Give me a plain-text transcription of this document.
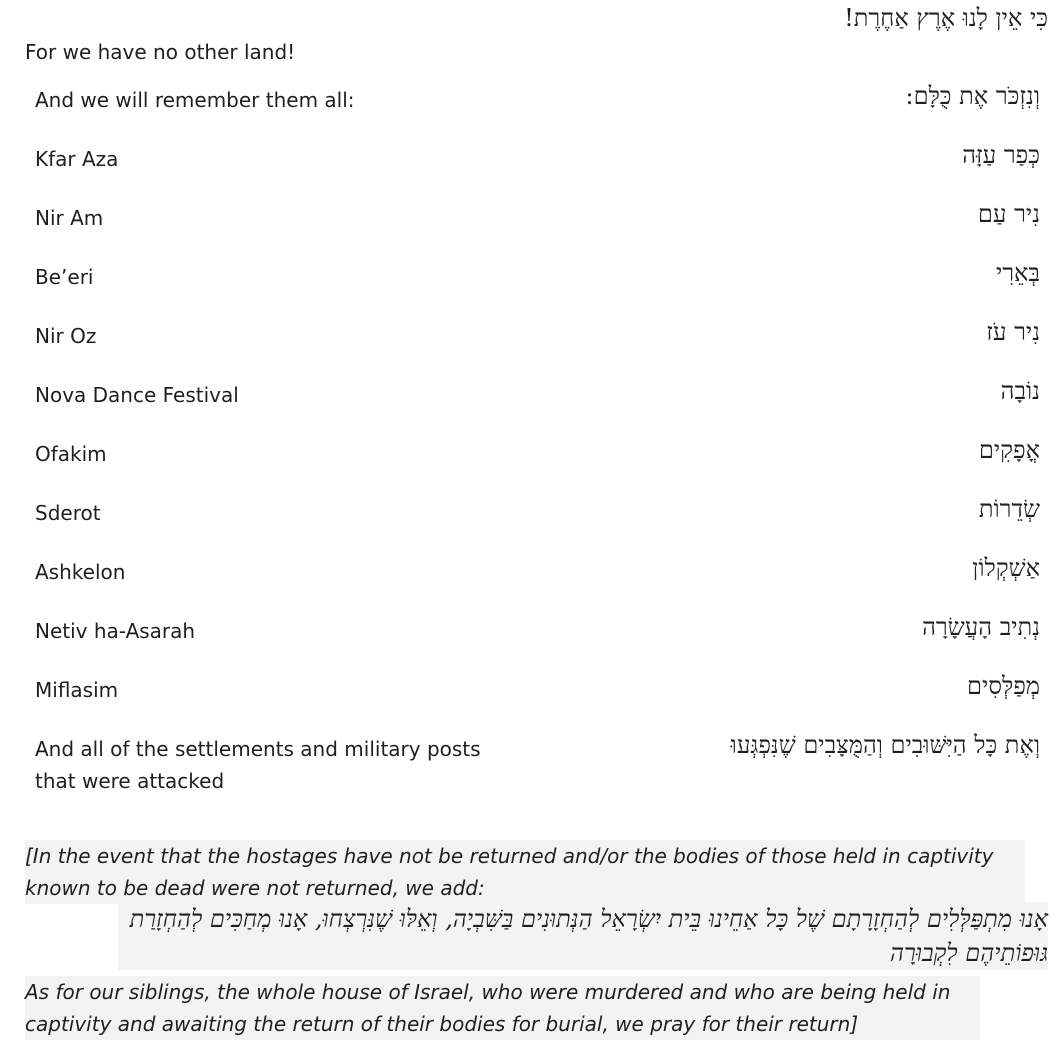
כִּי אֵין לָנוּ אֶרֶץ אַחֶרֶת!
For we have no other land!
And we will remember them all:	וְנִזְכֹּר אֶת כֻּלָּם:
Kfar Aza	כְּפַר עַזָּה
Nir Am	נִיר עַם
Be’eri	בְּאֵרִי
Nir Oz	נִיר עֹז
Nova Dance Festival	נוֹבָה
Ofakim	אֳפָקִים
Sderot	שְׂדֵרוֹת
Ashkelon	אַשְׁקְלוֹן
Netiv ha-Asarah	נְתִיב הָעֲשָׂרָה
Miflasim	מְפַלְּסִים
And all of the settlements and military posts that were attacked	וְאֶת כָּל הַיִּשּׁוּבִים וְהַמֻּצָּבִים שֶׁנִּפְגְּעוּ
[In the event that the hostages have not be returned and/or the bodies of those held in captivity known to be dead were not returned, we add:
אָנוּ מִתְפַּלְּלִים לְהַחְזָרָתָם שֶׁל כָּל אַחֵינוּ בֵּית יִשְׂרָאֵל הַנְּתוּנִים בַּשִּׁבְיָה, וְאֵלּוּ שֶׁנִּרְצְחוּ, אָנוּ מְחַכִּים לְהַחְזָרַת גּוּפוֹתֵיהֶם לִקְבוּרָה
As for our siblings, the whole house of Israel, who were murdered and who are being held in captivity and awaiting the return of their bodies for burial, we pray for their return]
